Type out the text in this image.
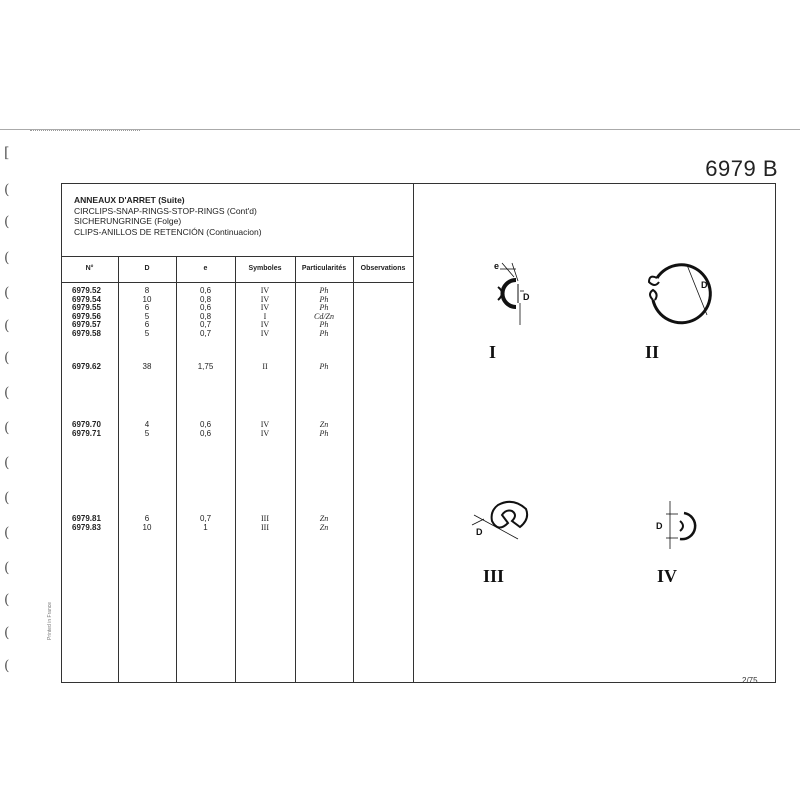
6979 B
[
(
(
(
(
(
(
(
(
(
(
(
(
(
(
(
ANNEAUX D'ARRET (Suite)
CIRCLIPS-SNAP-RINGS-STOP-RINGS (Cont'd)
SICHERUNGRINGE (Folge)
CLIPS-ANILLOS DE RETENCIÓN (Continuacion)
N°	D	e	Symboles	Particularités	Observations
6979.52	8	0,6	IV	Ph
6979.54	10	0,8	IV	Ph
6979.55	6	0,6	IV	Ph
6979.56	5	0,8	I	Cd/Zn
6979.57	6	0,7	IV	Ph
6979.58	5	0,7	IV	Ph
6979.62	38	1,75	II	Ph
6979.70	4	0,6	IV	Zn
6979.71	5	0,6	IV	Ph
6979.81	6	0,7	III	Zn
6979.83	10	1	III	Zn
Printed in France
2/75
e
D
I
D
II
D
III
D
IV
